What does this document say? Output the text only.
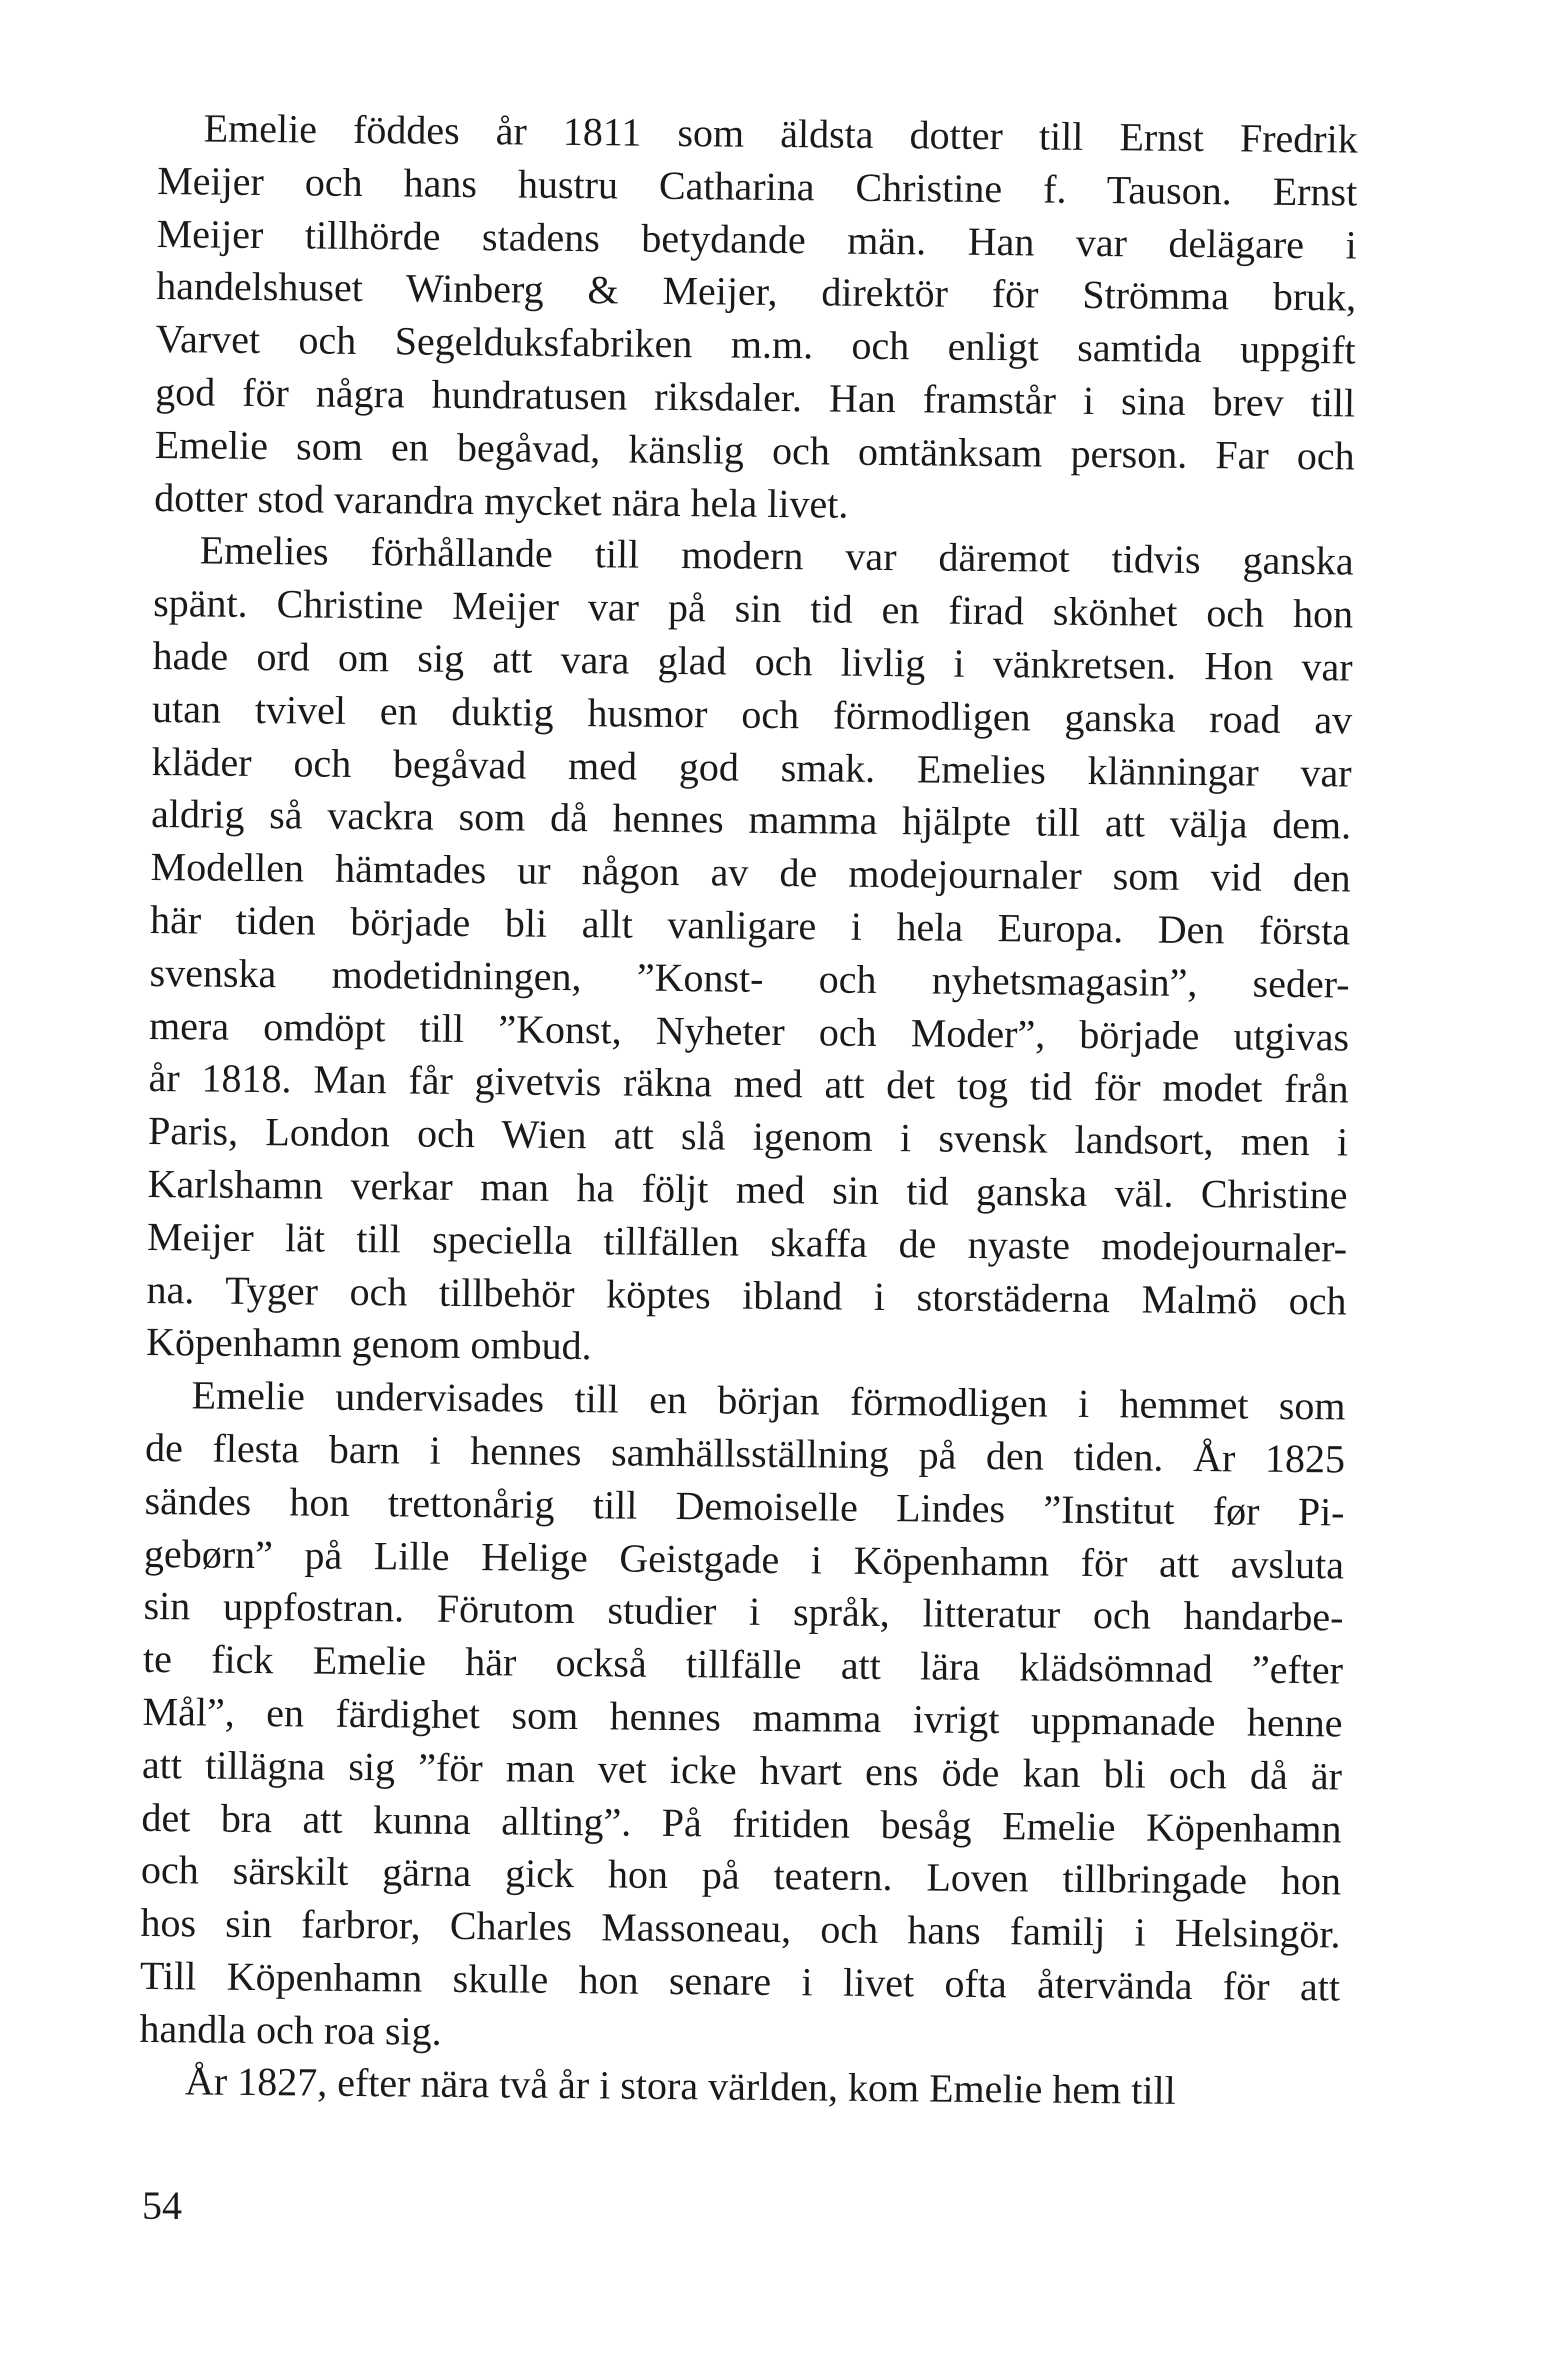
Emelie föddes år 1811 som äldsta dotter till Ernst Fredrik
Meijer och hans hustru Catharina Christine f. Tauson. Ernst
Meijer tillhörde stadens betydande män. Han var delägare i
handelshuset Winberg & Meijer, direktör för Strömma bruk,
Varvet och Segelduksfabriken m.m. och enligt samtida uppgift
god för några hundratusen riksdaler. Han framstår i sina brev till
Emelie som en begåvad, känslig och omtänksam person. Far och
dotter stod varandra mycket nära hela livet.
Emelies förhållande till modern var däremot tidvis ganska
spänt. Christine Meijer var på sin tid en firad skönhet och hon
hade ord om sig att vara glad och livlig i vänkretsen. Hon var
utan tvivel en duktig husmor och förmodligen ganska road av
kläder och begåvad med god smak. Emelies klänningar var
aldrig så vackra som då hennes mamma hjälpte till att välja dem.
Modellen hämtades ur någon av de modejournaler som vid den
här tiden började bli allt vanligare i hela Europa. Den första
svenska modetidningen, ”Konst- och nyhetsmagasin”, seder-
mera omdöpt till ”Konst, Nyheter och Moder”, började utgivas
år 1818. Man får givetvis räkna med att det tog tid för modet från
Paris, London och Wien att slå igenom i svensk landsort, men i
Karlshamn verkar man ha följt med sin tid ganska väl. Christine
Meijer lät till speciella tillfällen skaffa de nyaste modejournaler-
na. Tyger och tillbehör köptes ibland i storstäderna Malmö och
Köpenhamn genom ombud.
Emelie undervisades till en början förmodligen i hemmet som
de flesta barn i hennes samhällsställning på den tiden. År 1825
sändes hon trettonårig till Demoiselle Lindes ”Institut før Pi-
gebørn” på Lille Helige Geistgade i Köpenhamn för att avsluta
sin uppfostran. Förutom studier i språk, litteratur och handarbe-
te fick Emelie här också tillfälle att lära klädsömnad ”efter
Mål”, en färdighet som hennes mamma ivrigt uppmanade henne
att tillägna sig ”för man vet icke hvart ens öde kan bli och då är
det bra att kunna allting”. På fritiden besåg Emelie Köpenhamn
och särskilt gärna gick hon på teatern. Loven tillbringade hon
hos sin farbror, Charles Massoneau, och hans familj i Helsingör.
Till Köpenhamn skulle hon senare i livet ofta återvända för att
handla och roa sig.
År 1827, efter nära två år i stora världen, kom Emelie hem till
54
